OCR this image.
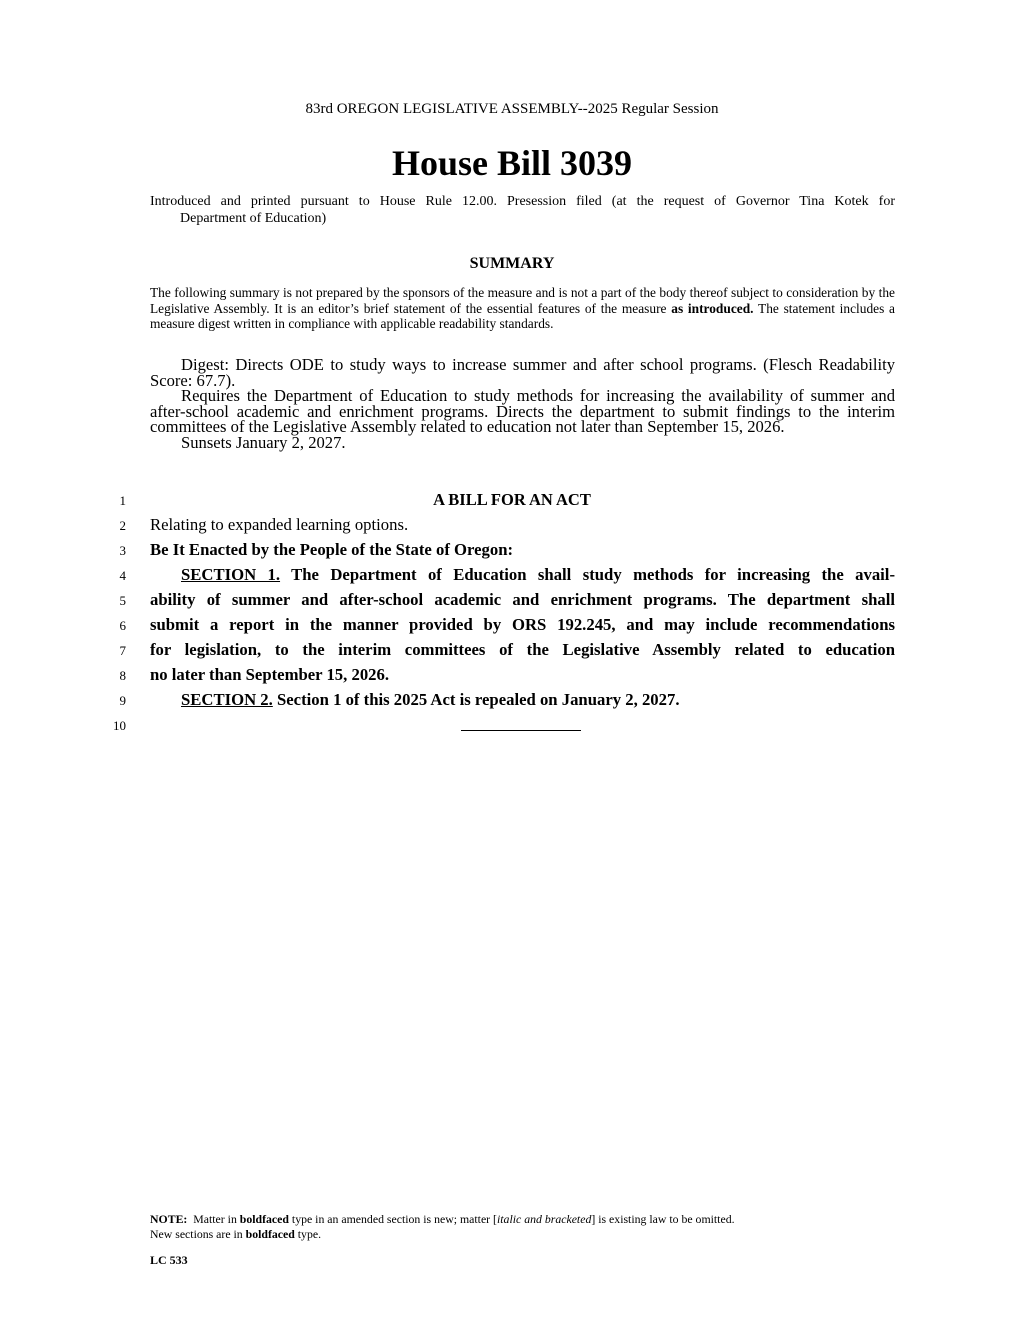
83rd OREGON LEGISLATIVE ASSEMBLY--2025 Regular Session
House Bill 3039
Introduced and printed pursuant to House Rule 12.00. Presession filed (at the request of Governor Tina Kotek for
Department of Education)
SUMMARY
The following summary is not prepared by the sponsors of the measure and is not a part of the body thereof subject to consideration by the Legislative Assembly. It is an editor’s brief statement of the essential features of the measure as introduced. The statement includes a measure digest written in compliance with applicable readability standards.

Digest: Directs ODE to study ways to increase summer and after school programs. (Flesch Readability Score: 67.7).

Requires the Department of Education to study methods for increasing the availability of summer and after-school academic and enrichment programs. Directs the department to submit findings to the interim committees of the Legislative Assembly related to education not later than September 15, 2026.

Sunsets January 2, 2027.

A BILL FOR AN ACT
1
2
3
4
5
6
7
8
9
10
Relating to expanded learning options.
Be It Enacted by the People of the State of Oregon:
SECTION 1. The Department of Education shall study methods for increasing the avail-
ability of summer and after-school academic and enrichment programs. The department shall
submit a report in the manner provided by ORS 192.245, and may include recommendations
for legislation, to the interim committees of the Legislative Assembly related to education
no later than September 15, 2026.
SECTION 2. Section 1 of this 2025 Act is repealed on January 2, 2027.
NOTE:  Matter in boldfaced type in an amended section is new; matter [italic and bracketed] is existing law to be omitted.
New sections are in boldfaced type.
LC 533
